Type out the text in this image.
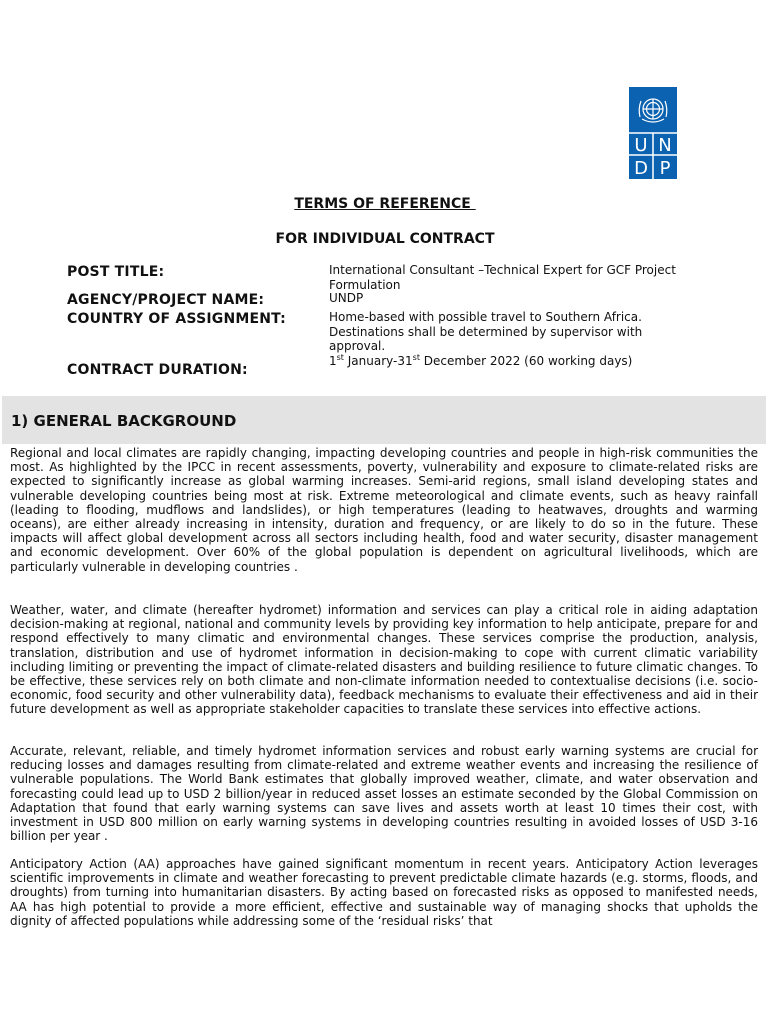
U N
D P
TERMS OF REFERENCE
FOR INDIVIDUAL CONTRACT
POST TITLE:	International Consultant –Technical Expert for GCF Project Formulation
AGENCY/PROJECT NAME:	UNDP
COUNTRY OF ASSIGNMENT:	Home-based with possible travel to Southern Africa. Destinations shall be determined by supervisor with approval.
CONTRACT DURATION:
1st January-31st December 2022 (60 working days)
1) GENERAL BACKGROUND

Regional and local climates are rapidly changing, impacting developing countries and people in high-risk communities the most. As highlighted by the IPCC in recent assessments, poverty, vulnerability and exposure to climate-related risks are expected to significantly increase as global warming increases. Semi-arid regions, small island developing states and vulnerable developing countries being most at risk. Extreme meteorological and climate events, such as heavy rainfall (leading to flooding, mudflows and landslides), or high temperatures (leading to heatwaves, droughts and warming oceans), are either already increasing in intensity, duration and frequency, or are likely to do so in the future. These impacts will affect global development across all sectors including health, food and water security, disaster management and economic development. Over 60% of the global population is dependent on agricultural livelihoods, which are particularly vulnerable in developing countries .

Weather, water, and climate (hereafter hydromet) information and services can play a critical role in aiding adaptation decision-making at regional, national and community levels by providing key information to help anticipate, prepare for and respond effectively to many climatic and environmental changes. These services comprise the production, analysis, translation, distribution and use of hydromet information in decision-making to cope with current climatic variability including limiting or preventing the impact of climate-related disasters and building resilience to future climatic changes. To be effective, these services rely on both climate and non-climate information needed to contextualise decisions (i.e. socio-economic, food security and other vulnerability data), feedback mechanisms to evaluate their effectiveness and aid in their future development as well as appropriate stakeholder capacities to translate these services into effective actions.

Accurate, relevant, reliable, and timely hydromet information services and robust early warning systems are crucial for reducing losses and damages resulting from climate-related and extreme weather events and increasing the resilience of vulnerable populations. The World Bank estimates that globally improved weather, climate, and water observation and forecasting could lead up to USD 2 billion/year in reduced asset losses an estimate seconded by the Global Commission on Adaptation that found that early warning systems can save lives and assets worth at least 10 times their cost, with investment in USD 800 million on early warning systems in developing countries resulting in avoided losses of USD 3-16 billion per year .

Anticipatory Action (AA) approaches have gained significant momentum in recent years. Anticipatory Action leverages scientific improvements in climate and weather forecasting to prevent predictable climate hazards (e.g. storms, floods, and droughts) from turning into humanitarian disasters. By acting based on forecasted risks as opposed to manifested needs, AA has high potential to provide a more efficient, effective and sustainable way of managing shocks that upholds the dignity of affected populations while addressing some of the ‘residual risks’ that
